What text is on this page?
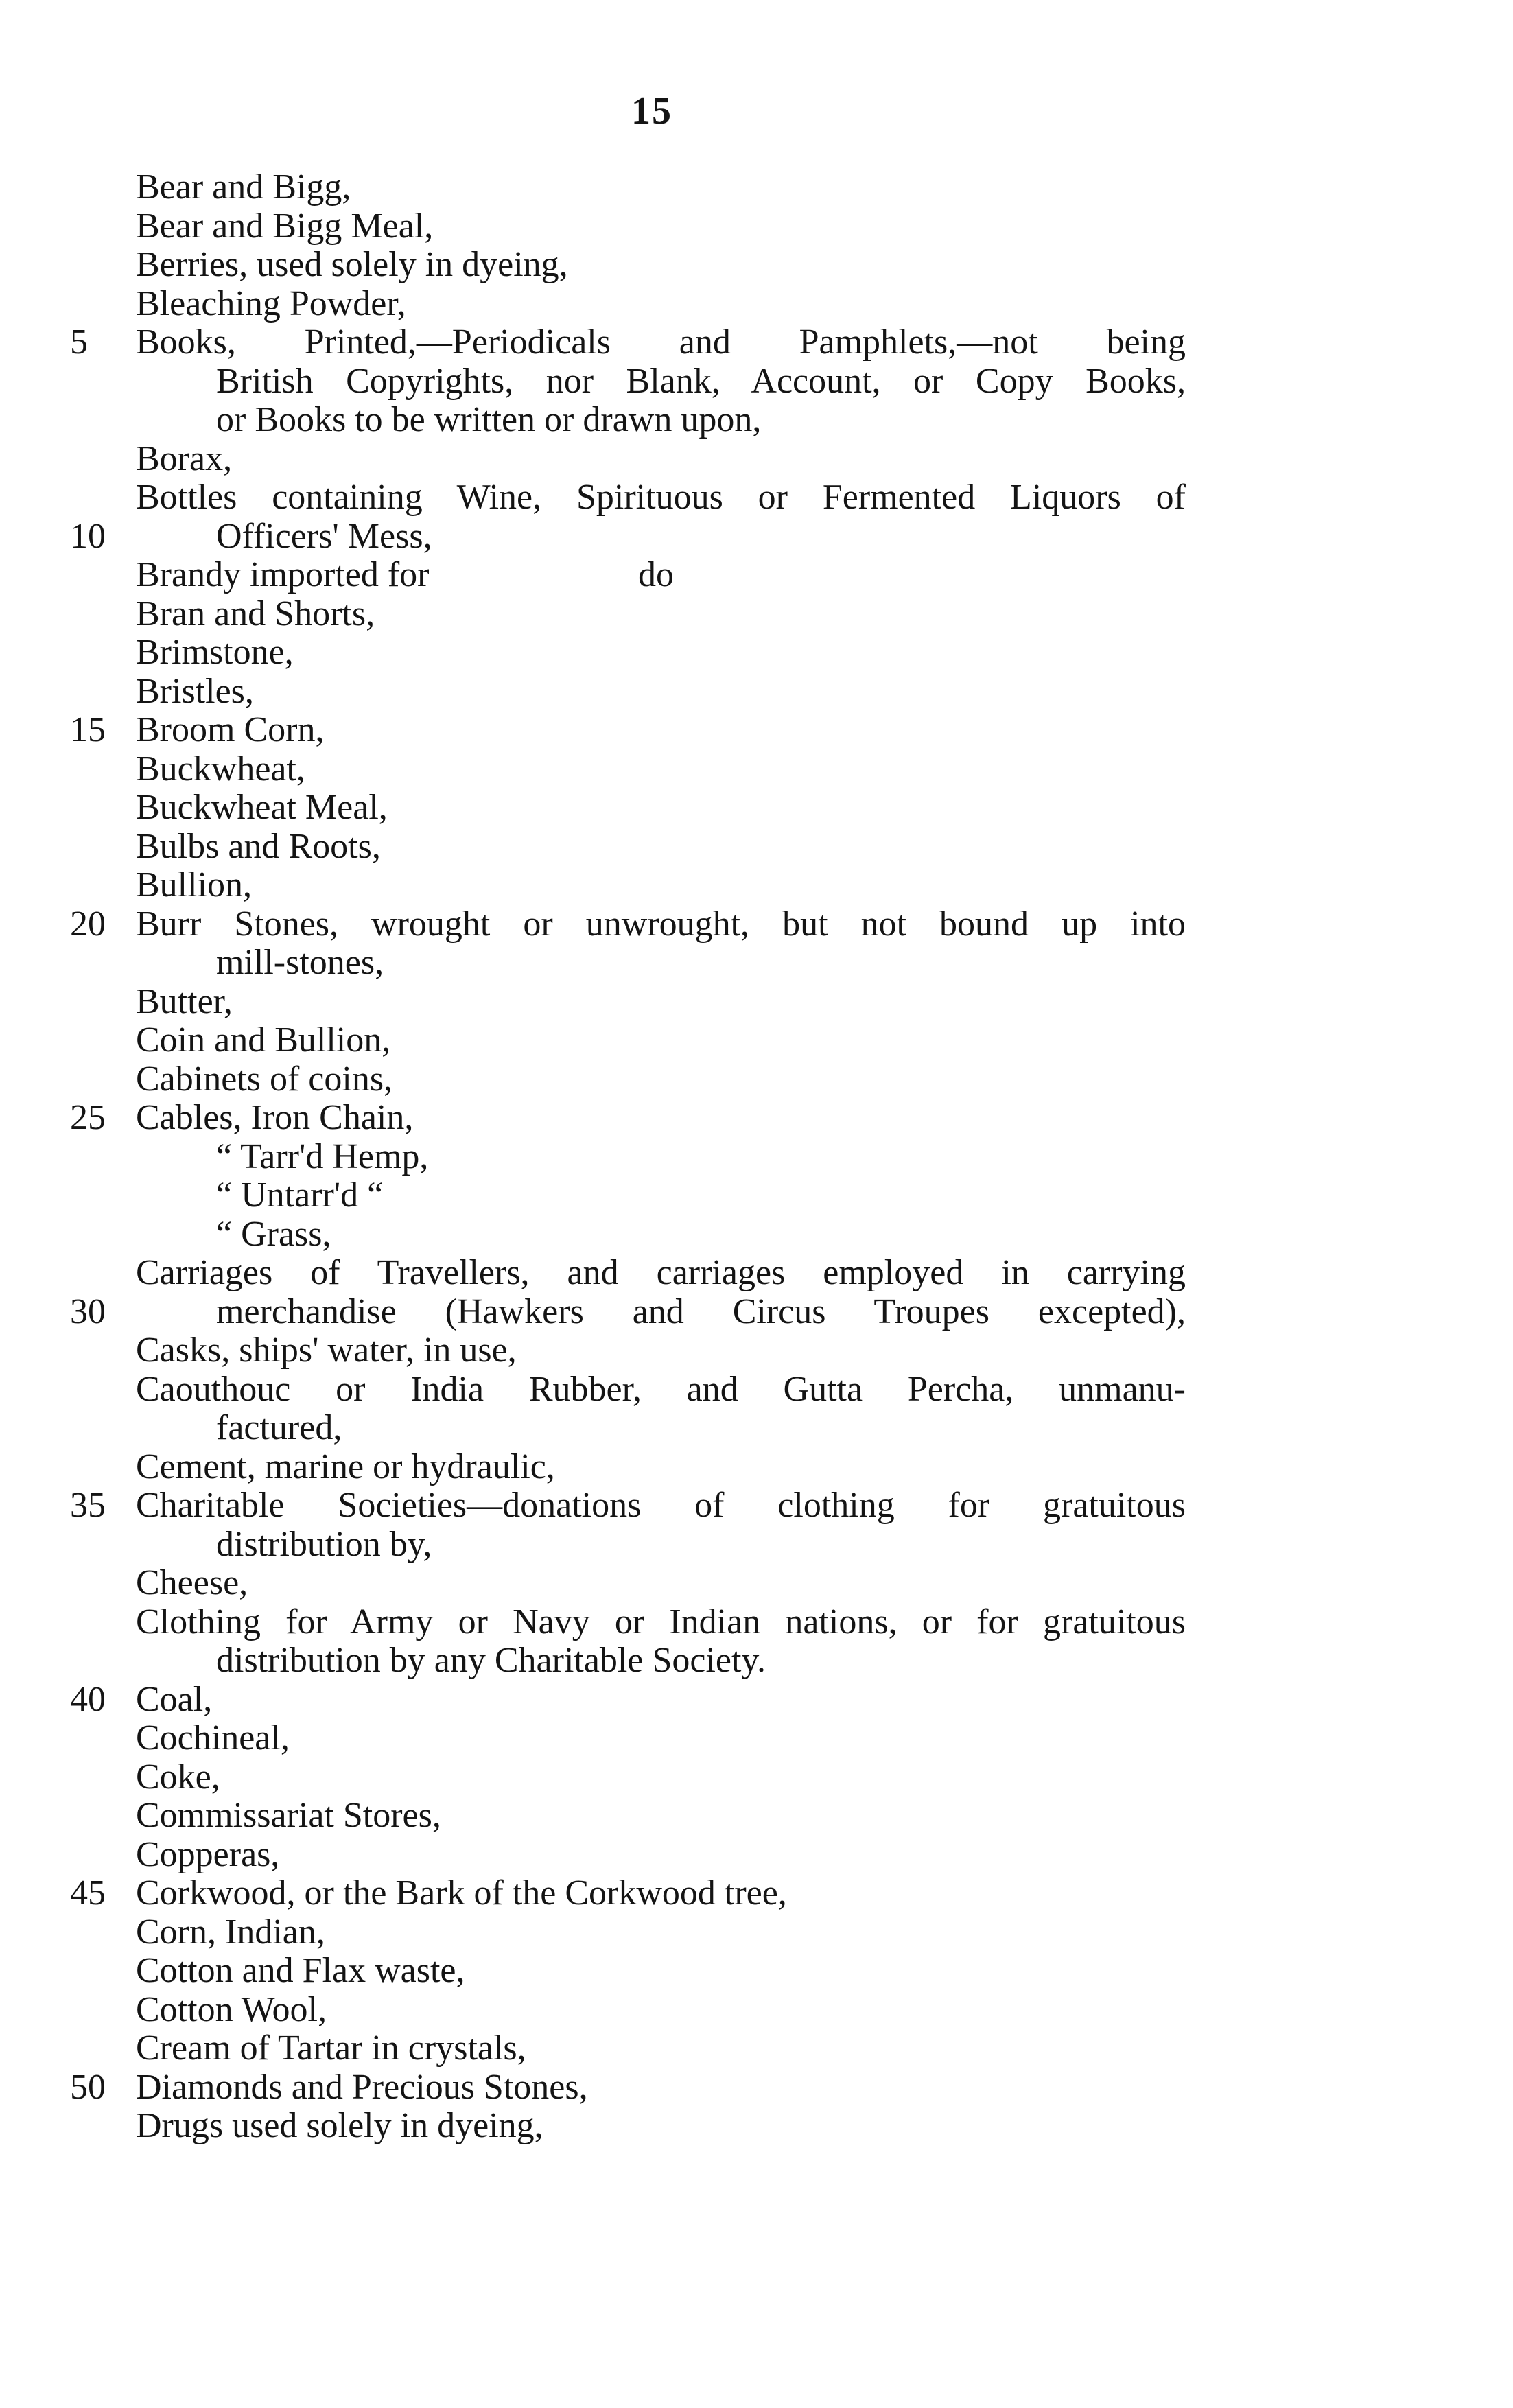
15
Bear and Bigg,
Bear and Bigg Meal,
Berries, used solely in dyeing,
Bleaching Powder,
5	Books, Printed,—Periodicals and Pamphlets,—not being
British Copyrights, nor Blank, Account, or Copy Books,
or Books to be written or drawn upon,
Borax,
Bottles containing Wine, Spirituous or Fermented Liquors of
10	Officers' Mess,
Brandy imported for	do
Bran and Shorts,
Brimstone,
Bristles,
15 Broom Corn,
Buckwheat,
Buckwheat Meal,
Bulbs and Roots,
Bullion,
20 Burr Stones, wrought or unwrought, but not bound up into
mill-stones,
Butter,
Coin and Bullion,
Cabinets of coins,
25 Cables, Iron Chain,
“ Tarr'd Hemp,
“ Untarr'd “
“ Grass,
Carriages of Travellers, and carriages employed in carrying
30	merchandise (Hawkers and Circus Troupes excepted),
Casks, ships' water, in use,
Caouthouc or India Rubber, and Gutta Percha, unmanu-
factured,
Cement, marine or hydraulic,
35 Charitable Societies—donations of clothing for gratuitous
distribution by,
Cheese,
Clothing for Army or Navy or Indian nations, or for gratuitous
distribution by any Charitable Society.
40 Coal,
Cochineal,
Coke,
Commissariat Stores,
Copperas,
45 Corkwood, or the Bark of the Corkwood tree,
Corn, Indian,
Cotton and Flax waste,
Cotton Wool,
Cream of Tartar in crystals,
50 Diamonds and Precious Stones,
Drugs used solely in dyeing,
